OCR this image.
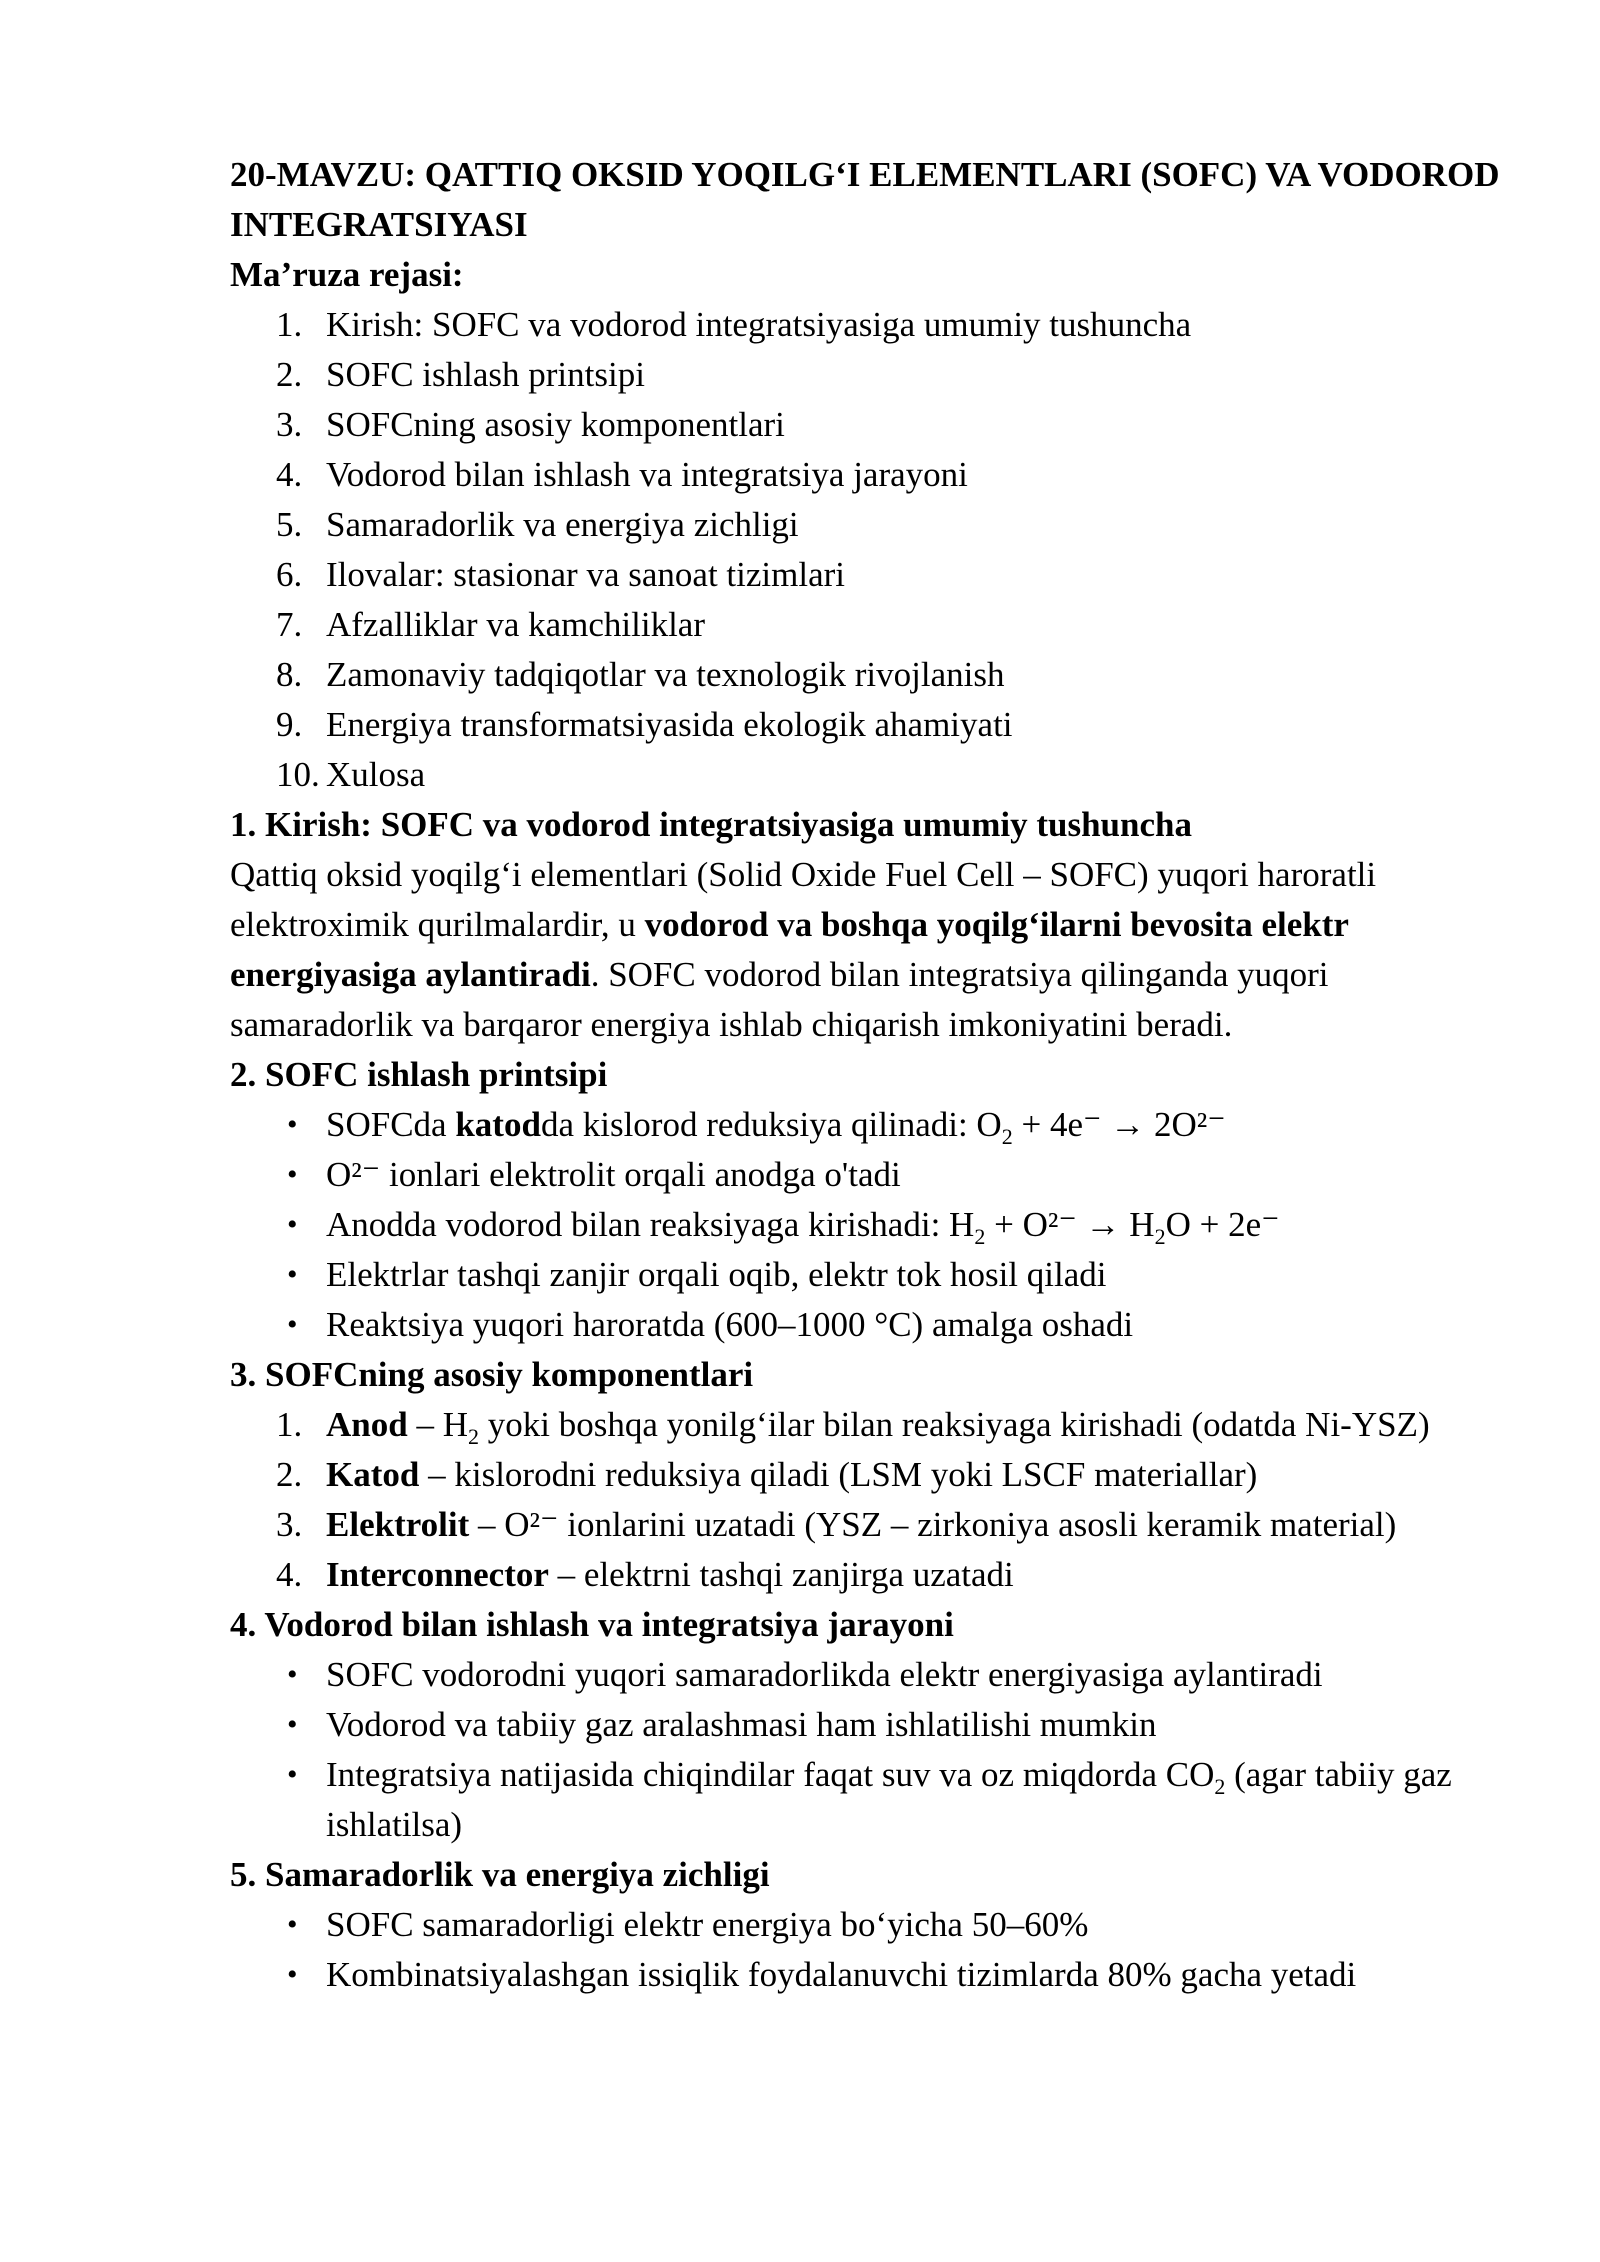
20-MAVZU: QATTIQ OKSID YOQILG‘I ELEMENTLARI (SOFC) VA VODOROD INTEGRATSIYASI
Ma’ruza rejasi:
1. Kirish: SOFC va vodorod integratsiyasiga umumiy tushuncha
2. SOFC ishlash printsipi
3. SOFCning asosiy komponentlari
4. Vodorod bilan ishlash va integratsiya jarayoni
5. Samaradorlik va energiya zichligi
6. Ilovalar: stasionar va sanoat tizimlari
7. Afzalliklar va kamchiliklar
8. Zamonaviy tadqiqotlar va texnologik rivojlanish
9. Energiya transformatsiyasida ekologik ahamiyati
10. Xulosa
1. Kirish: SOFC va vodorod integratsiyasiga umumiy tushuncha
Qattiq oksid yoqilg‘i elementlari (Solid Oxide Fuel Cell – SOFC) yuqori haroratli elektroximik qurilmalardir, u vodorod va boshqa yoqilg‘ilarni bevosita elektr energiyasiga aylantiradi. SOFC vodorod bilan integratsiya qilinganda yuqori samaradorlik va barqaror energiya ishlab chiqarish imkoniyatini beradi.
2. SOFC ishlash printsipi
• SOFCda katodda kislorod reduksiya qilinadi: $O_2 + 4e^- \to 2O^{2-}$
• O²⁻ ionlari elektrolit orqali anodga o'tadi
• Anodda vodorod bilan reaksiyaga kirishadi: $H_2 + O^{2-} \to H_2O + 2e^-$
• Elektrlar tashqi zanjir orqali oqib, elektr tok hosil qiladi
• Reaktsiya yuqori haroratda (600–1000 °C) amalga oshadi
3. SOFCning asosiy komponentlari
1. Anod – $H_2$ yoki boshqa yonilg‘ilar bilan reaksiyaga kirishadi (odatda Ni-YSZ)
2. Katod – kislorodni reduksiya qiladi (LSM yoki LSCF materiallar)
3. Elektrolit – O²⁻ ionlarini uzatadi (YSZ – zirkoniya asosli keramik material)
4. Interconnector – elektrni tashqi zanjirga uzatadi
4. Vodorod bilan ishlash va integratsiya jarayoni
• SOFC vodorodni yuqori samaradorlikda elektr energiyasiga aylantiradi
• Vodorod va tabiiy gaz aralashmasi ham ishlatilishi mumkin
• Integratsiya natijasida chiqindilar faqat suv va oz miqdorda $CO_2$ (agar tabiiy gaz ishlatilsa)
5. Samaradorlik va energiya zichligi
• SOFC samaradorligi elektr energiya bo‘yicha 50–60%
• Kombinatsiyalashgan issiqlik foydalanuvchi tizimlarda 80% gacha yetadi
